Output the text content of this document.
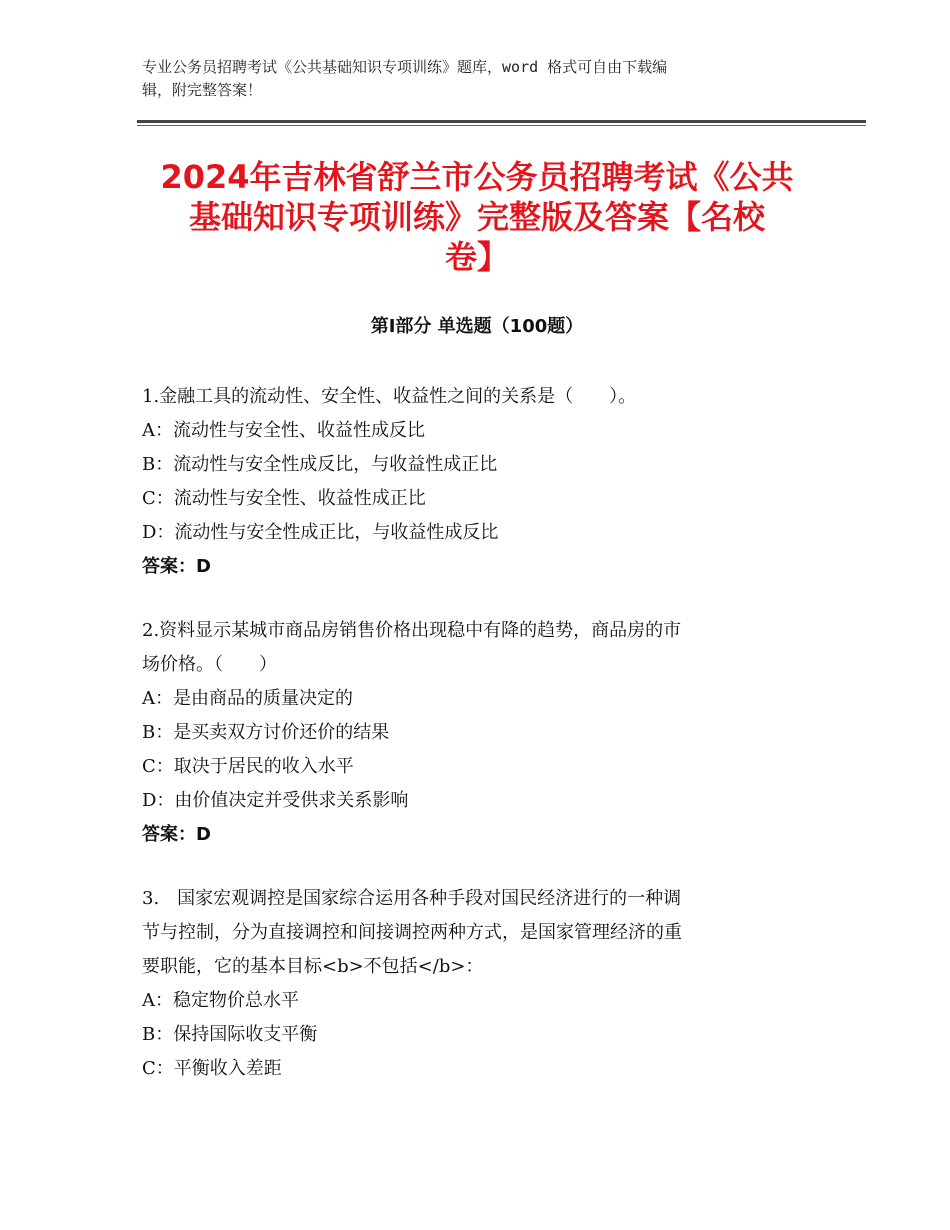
专业公务员招聘考试《公共基础知识专项训练》题库，word 格式可自由下载编
辑，附完整答案！
2024年吉林省舒兰市公务员招聘考试《公共
基础知识专项训练》完整版及答案【名校
卷】
第Ⅰ部分 单选题（100题）

1.金融工具的流动性、安全性、收益性之间的关系是（　　）。

A：流动性与安全性、收益性成反比

B：流动性与安全性成反比，与收益性成正比

C：流动性与安全性、收益性成正比

D：流动性与安全性成正比，与收益性成反比

答案：D

2.资料显示某城市商品房销售价格出现稳中有降的趋势，商品房的市

场价格。（　　）

A：是由商品的质量决定的

B：是买卖双方讨价还价的结果

C：取决于居民的收入水平

D：由价值决定并受供求关系影响

答案：D

3.　国家宏观调控是国家综合运用各种手段对国民经济进行的一种调

节与控制，分为直接调控和间接调控两种方式，是国家管理经济的重

要职能，它的基本目标<b>不包括</b>：

A：稳定物价总水平

B：保持国际收支平衡

C：平衡收入差距
